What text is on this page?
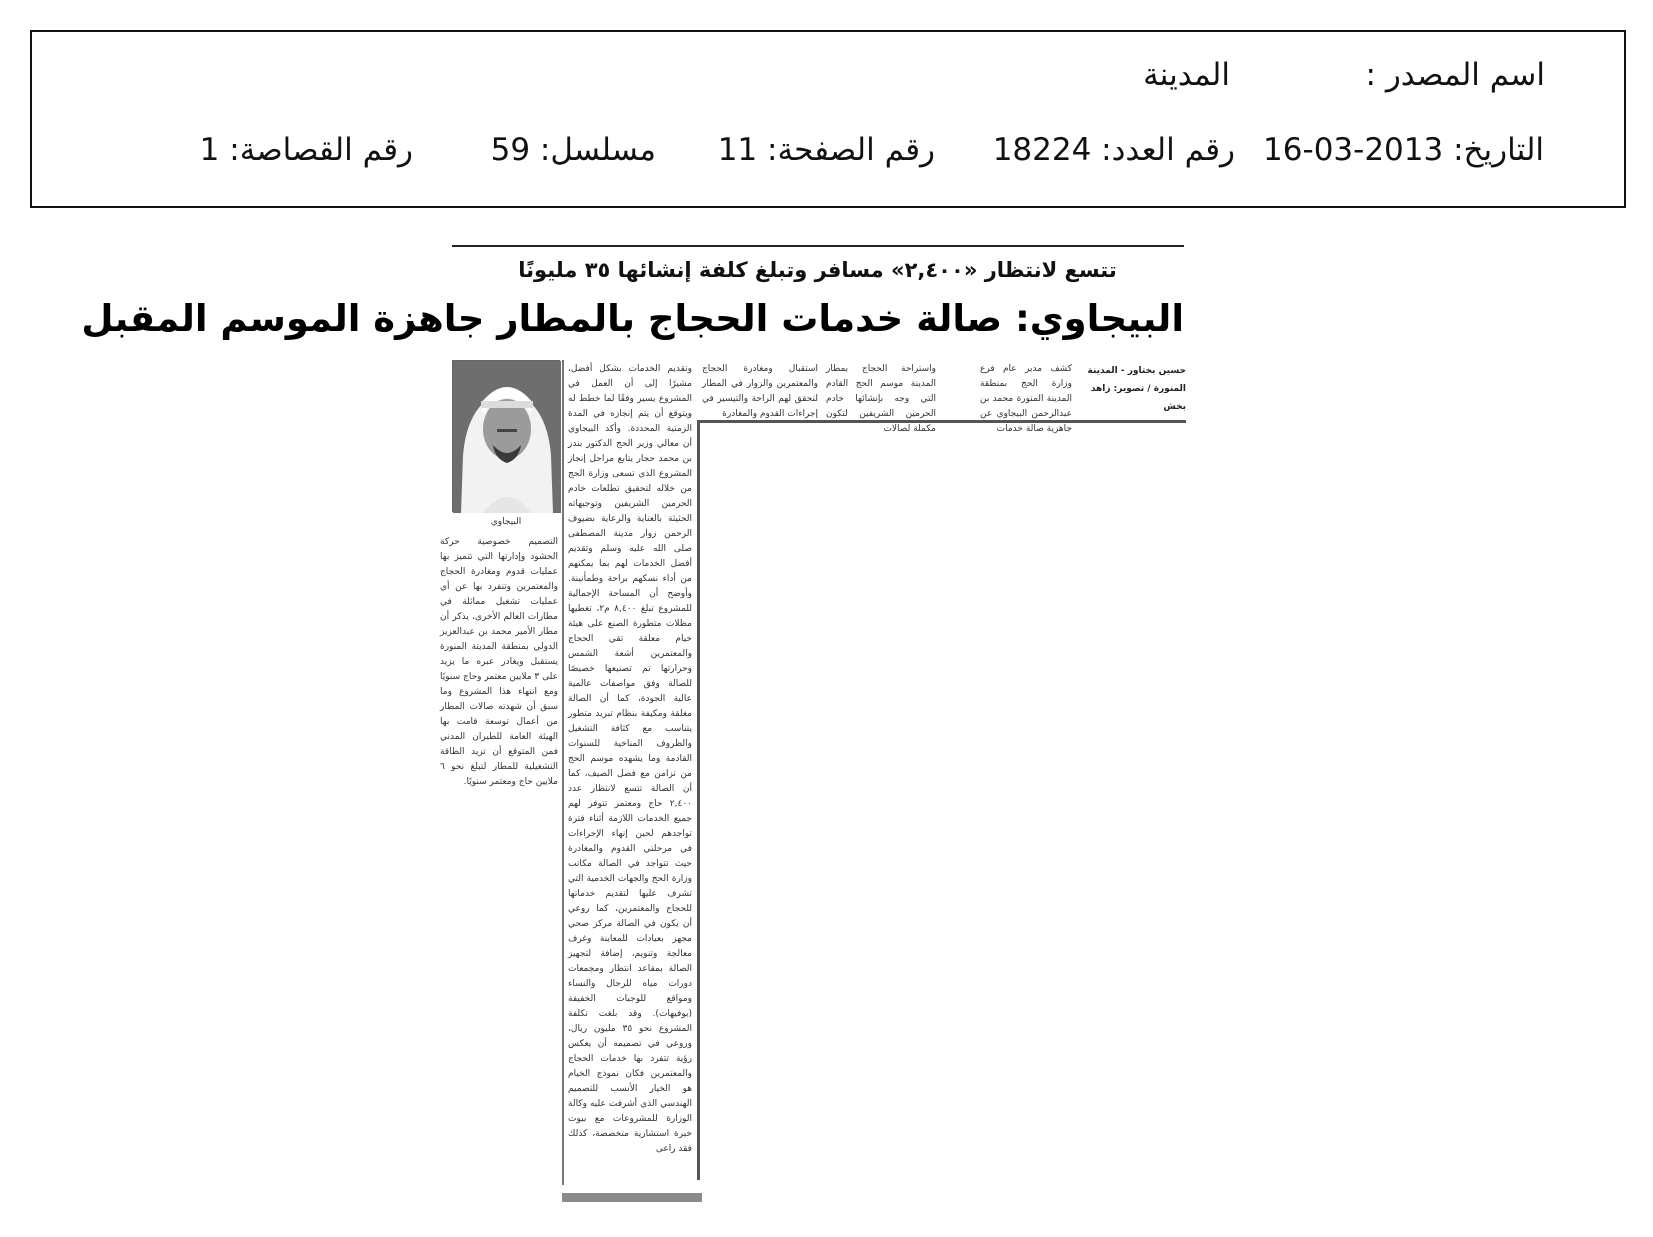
اسم المصدر :
المدينة
التاريخ: 2013-03-16
رقم العدد: 18224
رقم الصفحة: 11
مسلسل: 59
رقم القصاصة: 1
تتسع لانتظار «٢,٤٠٠» مسافر وتبلغ كلفة إنشائها ٣٥ مليونًا
البيجاوي: صالة خدمات الحجاج بالمطار جاهزة الموسم المقبل
حسين بختاور - المدينة
المنورة / تصوير: زاهد بخش
كشف مدير عام فرع وزارة الحج بمنطقة المدينة المنورة محمد بن عبدالرحمن البيجاوي عن جاهزية صالة خدمات
واستراحة الحجاج بمطار المدينة موسم الحج القادم التي وجه بإنشائها خادم الحرمين الشريفين لتكون مكملة لصالات
استقبال ومغادرة الحجاج والمعتمرين والزوار في المطار لتحقق لهم الراحة والتيسير في إجراءات القدوم والمغادرة
وتقديم الخدمات بشكل أفضل، مشيرًا إلى أن العمل في المشروع يسير وفقًا لما خطط له ويتوقع أن يتم إنجازه في المدة الزمنية المحددة. وأكد البيجاوي أن معالي وزير الحج الدكتور بندر بن محمد حجار يتابع مراحل إنجاز المشروع الذي تسعى وزارة الحج من خلاله لتحقيق تطلعات خادم الحرمين الشريفين وتوجيهاته الحثيثة بالعناية والرعاية بضيوف الرحمن زوار مدينة المصطفى صلى الله عليه وسلم وتقديم أفضل الخدمات لهم بما يمكنهم من أداء نسكهم براحة وطمأنينة. وأوضح أن المساحة الإجمالية للمشروع تبلغ ٨,٤٠٠ م٢، تغطيها مظلات متطورة الصنع على هيئة خيام معلقة تقي الحجاج والمعتمرين أشعة الشمس وحرارتها تم تصنيعها خصيصًا للصالة وفق مواصفات عالمية عالية الجودة، كما أن الصالة مغلقة ومكيفة بنظام تبريد متطور يتناسب مع كثافة التشغيل والظروف المناخية للسنوات القادمة وما يشهده موسم الحج من تزامن مع فصل الصيف، كما أن الصالة تتسع لانتظار عدد ٢,٤٠٠ حاج ومعتمر تتوفر لهم جميع الخدمات اللازمة أثناء فترة تواجدهم لحين إنهاء الإجراءات في مرحلتي القدوم والمغادرة حيث تتواجد في الصالة مكاتب وزارة الحج والجهات الخدمية التي تشرف عليها لتقديم خدماتها للحجاج والمعتمرين، كما روعي أن يكون في الصالة مركز صحي مجهز بعيادات للمعاينة وغرف معالجة وتنويم، إضافة لتجهيز الصالة بمقاعد انتظار ومجمعات دورات مياه للرجال والنساء ومواقع للوجبات الخفيفة (بوفيهات). وقد بلغت تكلفة المشروع نحو ٣٥ مليون ريال، وروعي في تصميمه أن يعكس رؤية تتفرد بها خدمات الحجاج والمعتمرين فكان نموذج الخيام هو الخيار الأنسب للتصميم الهندسي الذي أشرفت عليه وكالة الوزارة للمشروعات مع بيوت خبرة استشارية متخصصة، كذلك فقد راعى
التصميم خصوصية حركة الحشود وإدارتها التي تتميز بها عمليات قدوم ومغادرة الحجاج والمعتمرين وتنفرد بها عن أي عمليات تشغيل مماثلة في مطارات العالم الأخرى، يذكر أن مطار الأمير محمد بن عبدالعزيز الدولي بمنطقة المدينة المنورة يستقبل ويغادر عبره ما يزيد على ٣ ملايين معتمر وحاج سنويًا ومع انتهاء هذا المشروع وما سبق أن شهدته صالات المطار من أعمال توسعة قامت بها الهيئة العامة للطيران المدني فمن المتوقع أن تزيد الطاقة التشغيلية للمطار لتبلغ نحو ٦ ملايين حاج ومعتمر سنويًا.
البيجاوي
